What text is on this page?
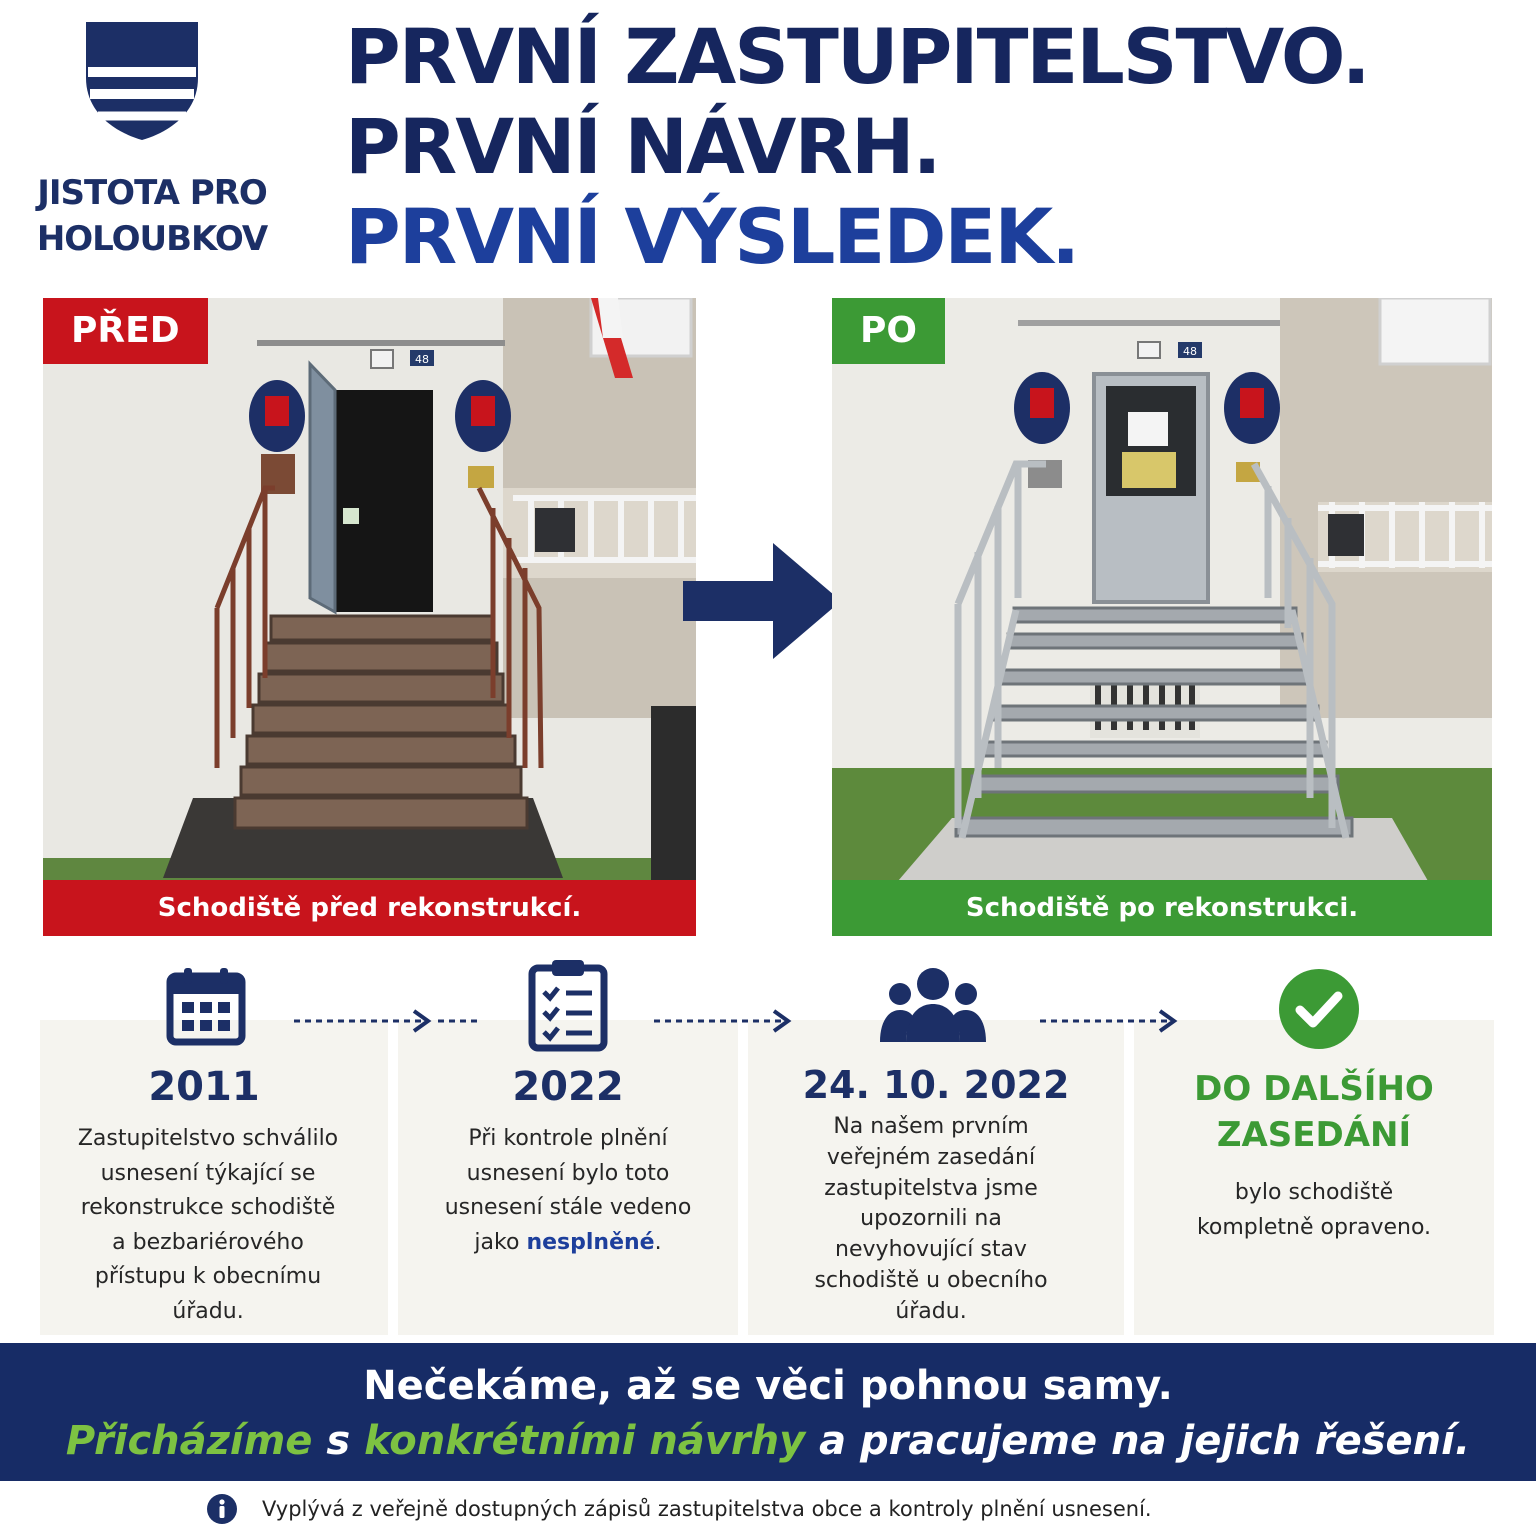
JISTOTA PRO
HOLOUBKOV
PRVNÍ ZASTUPITELSTVO.
PRVNÍ NÁVRH.
PRVNÍ VÝSLEDEK.
48
PŘED
Schodiště před rekonstrukcí.
48
PO
Schodiště po rekonstrukci.
2011
Zastupitelstvo schválilo
usnesení týkající se
rekonstrukce schodiště
a bezbariérového
přístupu k obecnímu
úřadu.
2022
Při kontrole plnění
usnesení bylo toto
usnesení stále vedeno
jako nesplněné.
24. 10. 2022
Na našem prvním
veřejném zasedání
zastupitelstva jsme
upozornili na
nevyhovující stav
schodiště u obecního
úřadu.
DO DALŠÍHO
ZASEDÁNÍ
bylo schodiště
kompletně opraveno.
Nečekáme, až se věci pohnou samy.
Přicházíme s konkrétními návrhy a pracujeme na jejich řešení.
Vyplývá z veřejně dostupných zápisů zastupitelstva obce a kontroly plnění usnesení.
